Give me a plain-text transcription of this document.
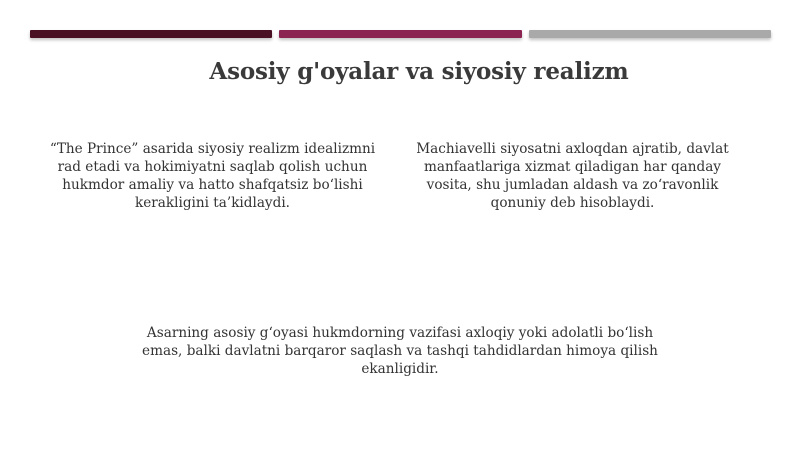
Asosiy g'oyalar va siyosiy realizm
“The Prince” asarida siyosiy realizm idealizmni rad etadi va hokimiyatni saqlab qolish uchun hukmdor amaliy va hatto shafqatsiz bo‘lishi kerakligini ta’kidlaydi.
Machiavelli siyosatni axloqdan ajratib, davlat manfaatlariga xizmat qiladigan har qanday vosita, shu jumladan aldash va zo‘ravonlik qonuniy deb hisoblaydi.
Asarning asosiy g‘oyasi hukmdorning vazifasi axloqiy yoki adolatli bo‘lish emas, balki davlatni barqaror saqlash va tashqi tahdidlardan himoya qilish ekanligidir.
